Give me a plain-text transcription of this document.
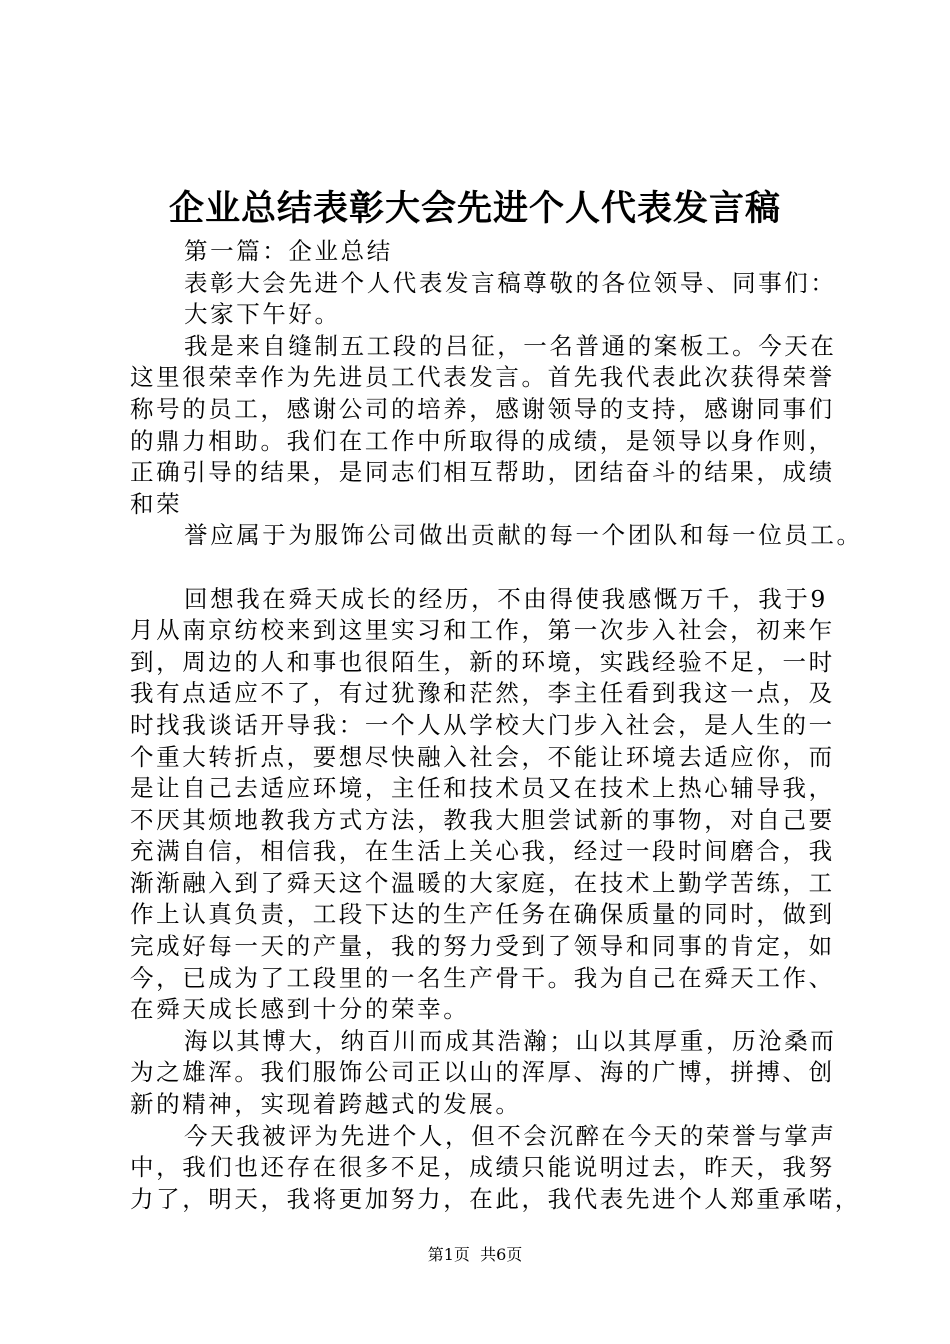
企业总结表彰大会先进个人代表发言稿
第一篇：企业总结
表彰大会先进个人代表发言稿尊敬的各位领导、同事们：
大家下午好。
我是来自缝制五工段的吕征，一名普通的案板工。今天在
这里很荣幸作为先进员工代表发言。首先我代表此次获得荣誉
称号的员工，感谢公司的培养，感谢领导的支持，感谢同事们
的鼎力相助。我们在工作中所取得的成绩，是领导以身作则，
正确引导的结果，是同志们相互帮助，团结奋斗的结果，成绩
和荣
誉应属于为服饰公司做出贡献的每一个团队和每一位员工。
回想我在舜天成长的经历，不由得使我感慨万千，我于9
月从南京纺校来到这里实习和工作，第一次步入社会，初来乍
到，周边的人和事也很陌生，新的环境，实践经验不足，一时
我有点适应不了，有过犹豫和茫然，李主任看到我这一点，及
时找我谈话开导我：一个人从学校大门步入社会，是人生的一
个重大转折点，要想尽快融入社会，不能让环境去适应你，而
是让自己去适应环境，主任和技术员又在技术上热心辅导我，
不厌其烦地教我方式方法，教我大胆尝试新的事物，对自己要
充满自信，相信我，在生活上关心我，经过一段时间磨合，我
渐渐融入到了舜天这个温暖的大家庭，在技术上勤学苦练，工
作上认真负责，工段下达的生产任务在确保质量的同时，做到
完成好每一天的产量，我的努力受到了领导和同事的肯定，如
今，已成为了工段里的一名生产骨干。我为自己在舜天工作、
在舜天成长感到十分的荣幸。
海以其博大，纳百川而成其浩瀚；山以其厚重，历沧桑而
为之雄浑。我们服饰公司正以山的浑厚、海的广博，拼搏、创
新的精神，实现着跨越式的发展。
今天我被评为先进个人，但不会沉醉在今天的荣誉与掌声
中，我们也还存在很多不足，成绩只能说明过去，昨天，我努
力了，明天，我将更加努力，在此，我代表先进个人郑重承喏，
第1页  共6页
